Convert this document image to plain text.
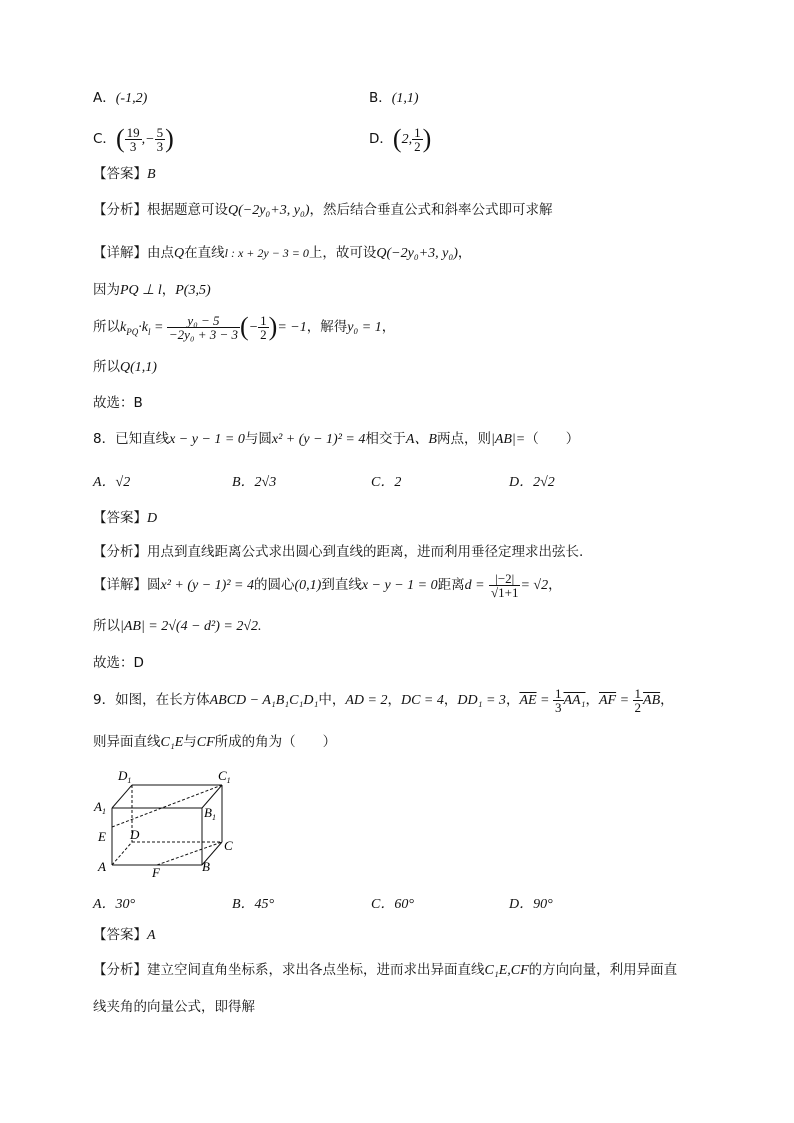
A．(-1,2)	B．(1,1)
C．( $\frac{19}{3}$ ,− $\frac{5}{3}$ )	D．(2, $\frac{1}{2}$ )
【答案】B
【分析】根据题意可设Q(−2y₀+3, y₀)，然后结合垂直公式和斜率公式即可求解
【详解】由点Q在直线l : x + 2y − 3 = 0上，故可设Q(−2y₀+3, y₀)，
因为PQ ⊥ l，P(3,5)
所以$k_{PQ}\cdot k_l = \frac{\text{y₀ − 5}}{\text{−2y₀ + 3 − 3}}$ (− $\frac{1}{2}$ )= −1，解得y₀ = 1，
所以Q(1,1)
故选：B
8．已知直线x − y − 1 = 0与圆x² + (y − 1)² = 4相交于A、B两点，则|AB|=（　　）
A．√2	B．2√3	C．2	D．2√2
【答案】D
【分析】用点到直线距离公式求出圆心到直线的距离，进而利用垂径定理求出弦长.
【详解】圆x² + (y − 1)² = 4的圆心(0,1)到直线x − y − 1 = 0距离$d = \frac{|-2|}{√1+1} = √2$，
所以|AB| = 2√(4 − d²) = 2√2.
故选：D
9．如图，在长方体ABCD − A₁B₁C₁D₁中，AD = 2，DC = 4，DD₁ = 3，$\overline{AE} = \frac{1}{3} AA_1$，$\overline{AF} = \frac{1}{2} \overline{AB}$，
则异面直线C₁E与CF所成的角为（　　）
$D_1$	$C_1$
$A_1$	$B_1$
E D
C
A	F	B
A．30°	B．45°	C．60°	D．90°
【答案】A
【分析】建立空间直角坐标系，求出各点坐标，进而求出异面直线C₁E,CF的方向向量，利用异面直
线夹角的向量公式，即得解
